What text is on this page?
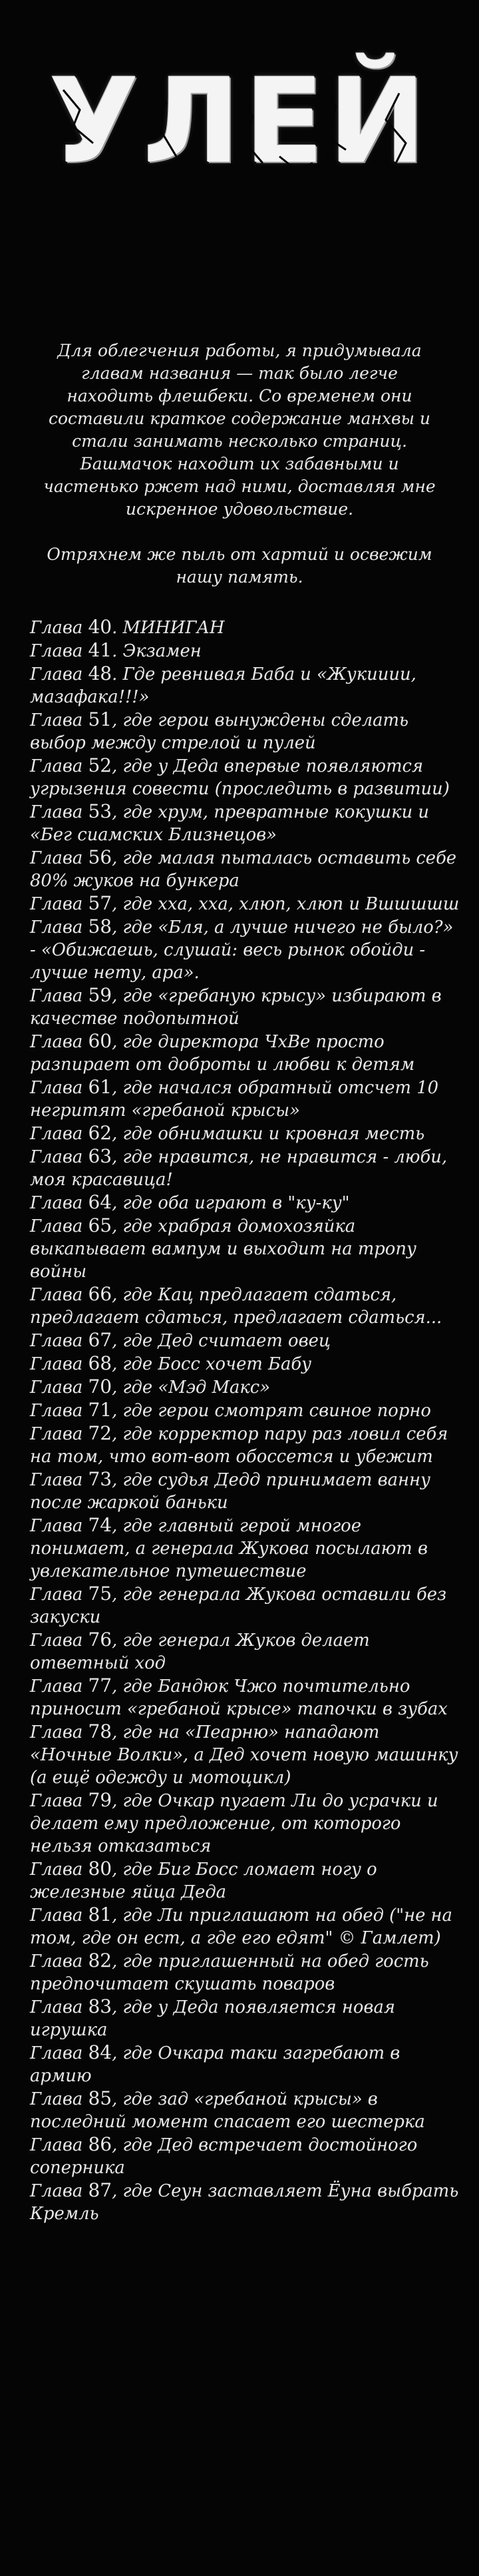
УЛЕЙ

Для облегчения работы, я придумывала главам названия — так было легче находить флешбеки. Со временем они составили краткое содержание манхвы и стали занимать несколько страниц. Башмачок находит их забавными и частенько ржет над ними, доставляя мне искренное удовольствие.

Отряхнем же пыль от хартий и освежим нашу память.

Глава 40. МИНИГАН

Глава 41. Экзамен

Глава 48. Где ревнивая Баба и «Жукииии, мазафака!!!»

Глава 51, где герои вынуждены сделать выбор между стрелой и пулей

Глава 52, где у Деда впервые появляются угрызения совести (проследить в развитии)

Глава 53, где хрум, превратные кокушки и «Бег сиамских Близнецов»

Глава 56, где малая пыталась оставить себе 80% жуков на бункера

Глава 57, где хха, хха, хлюп, хлюп и Вшшшшш

Глава 58, где «Бля, а лучше ничего не было?» - «Обижаешь, слушай: весь рынок обойди - лучше нету, ара».

Глава 59, где «гребаную крысу» избирают в качестве подопытной

Глава 60, где директора ЧхВе просто разпирает от доброты и любви к детям

Глава 61, где начался обратный отсчет 10 негритят «гребаной крысы»

Глава 62, где обнимашки и кровная месть

Глава 63, где нравится, не нравится - люби, моя красавица!

Глава 64, где оба играют в "ку-ку"

Глава 65, где храбрая домохозяйка выкапывает вампум и выходит на тропу войны

Глава 66, где Кац предлагает сдаться, предлагает сдаться, предлагает сдаться...

Глава 67, где Дед считает овец

Глава 68, где Босс хочет Бабу

Глава 70, где «Мэд Макс»

Глава 71, где герои смотрят свиное порно

Глава 72, где корректор пару раз ловил себя на том, что вот-вот обоссется и убежит

Глава 73, где судья Дедд принимает ванну после жаркой баньки

Глава 74, где главный герой многое понимает, а генерала Жукова посылают в увлекательное путешествие

Глава 75, где генерала Жукова оставили без закуски

Глава 76, где генерал Жуков делает ответный ход

Глава 77, где Бандюк Чжо почтительно приносит «гребаной крысе» тапочки в зубах

Глава 78, где на «Пеарню» нападают «Ночные Волки», а Дед хочет новую машинку (а ещё одежду и мотоцикл)

Глава 79, где Очкар пугает Ли до усрачки и делает ему предложение, от которого нельзя отказаться

Глава 80, где Биг Босс ломает ногу о железные яйца Деда

Глава 81, где Ли приглашают на обед ("не на том, где он ест, а где его едят" © Гамлет)

Глава 82, где приглашенный на обед гость предпочитает скушать поваров

Глава 83, где у Деда появляется новая игрушка

Глава 84, где Очкара таки загребают в армию

Глава 85, где зад «гребаной крысы» в последний момент спасает его шестерка

Глава 86, где Дед встречает достойного соперника

Глава 87, где Сеун заставляет Ёуна выбрать Кремль
